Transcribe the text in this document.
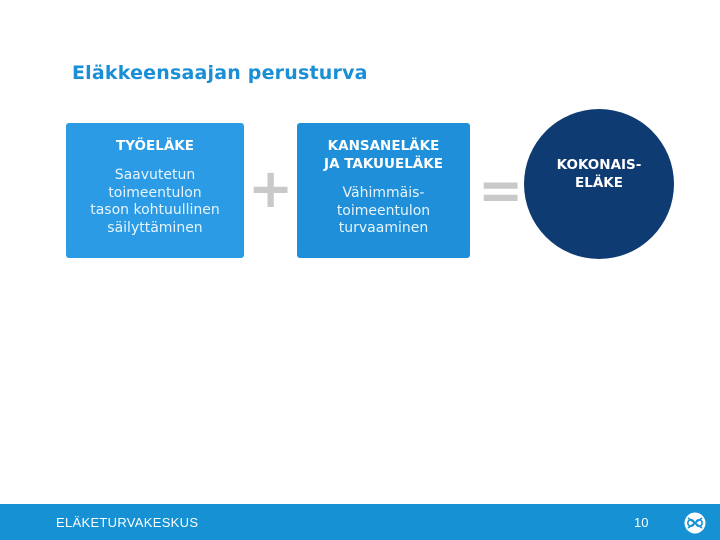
Eläkkeensaajan perusturva
TYÖELÄKE
Saavutetun
toimeentulon
tason kohtuullinen
säilyttäminen
+
KANSANELÄKE
JA TAKUUELÄKE
Vähimmäis-
toimeentulon
turvaaminen
= KOKONAIS-
ELÄKE
ELÄKETURVAKESKUS	10
